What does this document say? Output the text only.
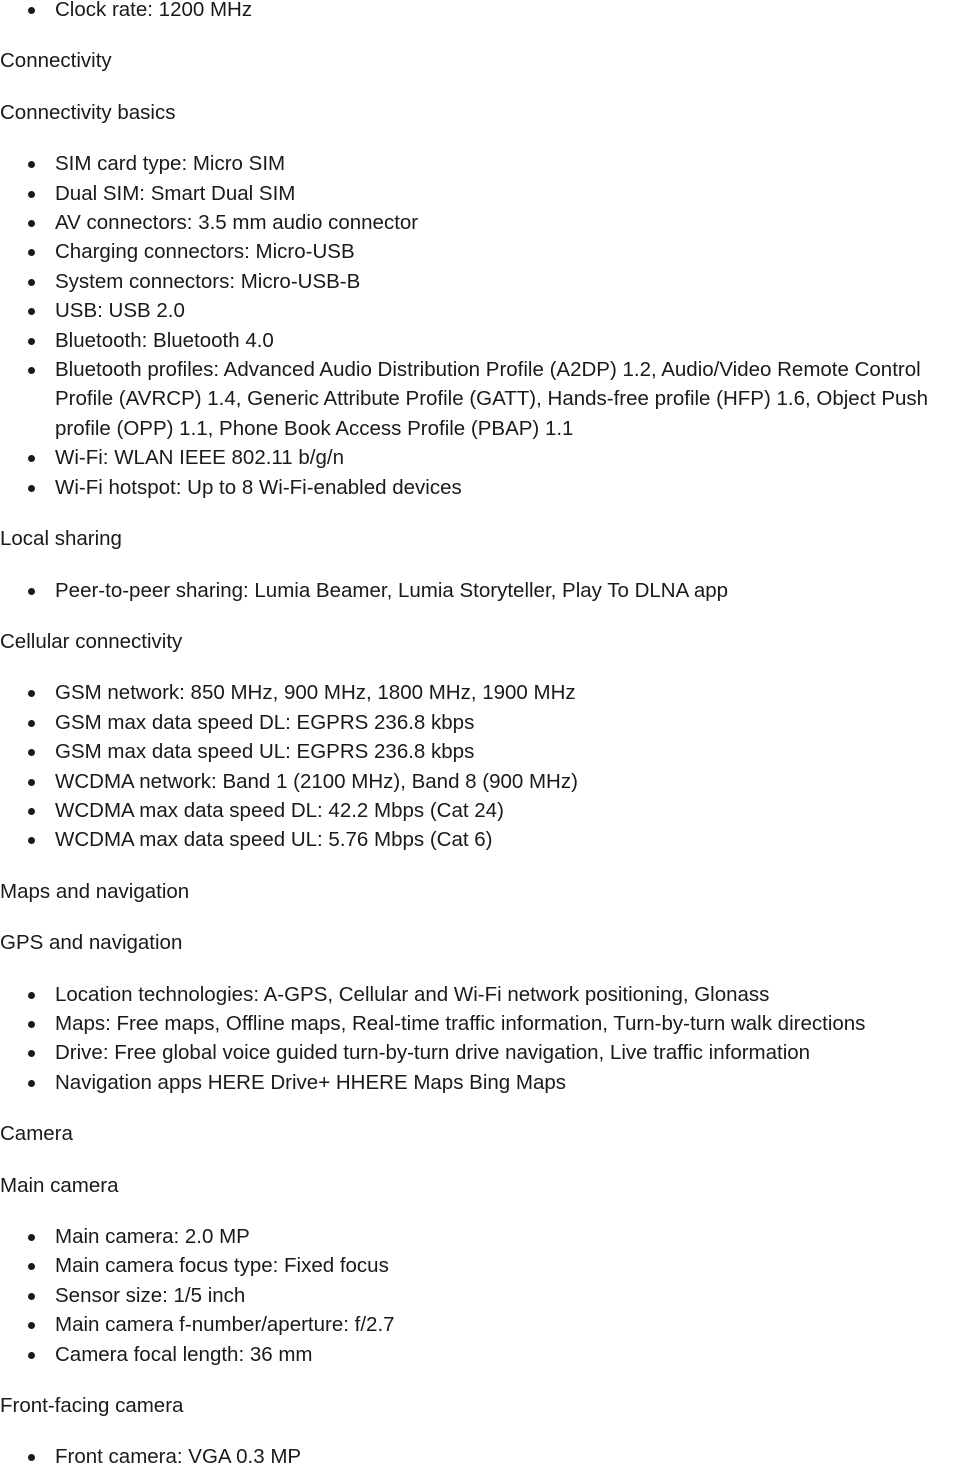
Clock rate: 1200 MHz
Connectivity
Connectivity basics
SIM card type: Micro SIM
Dual SIM: Smart Dual SIM
AV connectors: 3.5 mm audio connector
Charging connectors: Micro-USB
System connectors: Micro-USB-B
USB: USB 2.0
Bluetooth: Bluetooth 4.0
Bluetooth profiles: Advanced Audio Distribution Profile (A2DP) 1.2, Audio/Video Remote Control Profile (AVRCP) 1.4, Generic Attribute Profile (GATT), Hands-free profile (HFP) 1.6, Object Push profile (OPP) 1.1, Phone Book Access Profile (PBAP) 1.1
Wi-Fi: WLAN IEEE 802.11 b/g/n
Wi-Fi hotspot: Up to 8 Wi-Fi-enabled devices
Local sharing
Peer-to-peer sharing: Lumia Beamer, Lumia Storyteller, Play To DLNA app
Cellular connectivity
GSM network: 850 MHz, 900 MHz, 1800 MHz, 1900 MHz
GSM max data speed DL: EGPRS 236.8 kbps
GSM max data speed UL: EGPRS 236.8 kbps
WCDMA network: Band 1 (2100 MHz), Band 8 (900 MHz)
WCDMA max data speed DL: 42.2 Mbps (Cat 24)
WCDMA max data speed UL: 5.76 Mbps (Cat 6)
Maps and navigation
GPS and navigation
Location technologies: A-GPS, Cellular and Wi-Fi network positioning, Glonass
Maps: Free maps, Offline maps, Real-time traffic information, Turn-by-turn walk directions
Drive: Free global voice guided turn-by-turn drive navigation, Live traffic information
Navigation apps HERE Drive+ HHERE Maps Bing Maps
Camera
Main camera
Main camera: 2.0 MP
Main camera focus type: Fixed focus
Sensor size: 1/5 inch
Main camera f-number/aperture: f/2.7
Camera focal length: 36 mm
Front-facing camera
Front camera: VGA 0.3 MP
